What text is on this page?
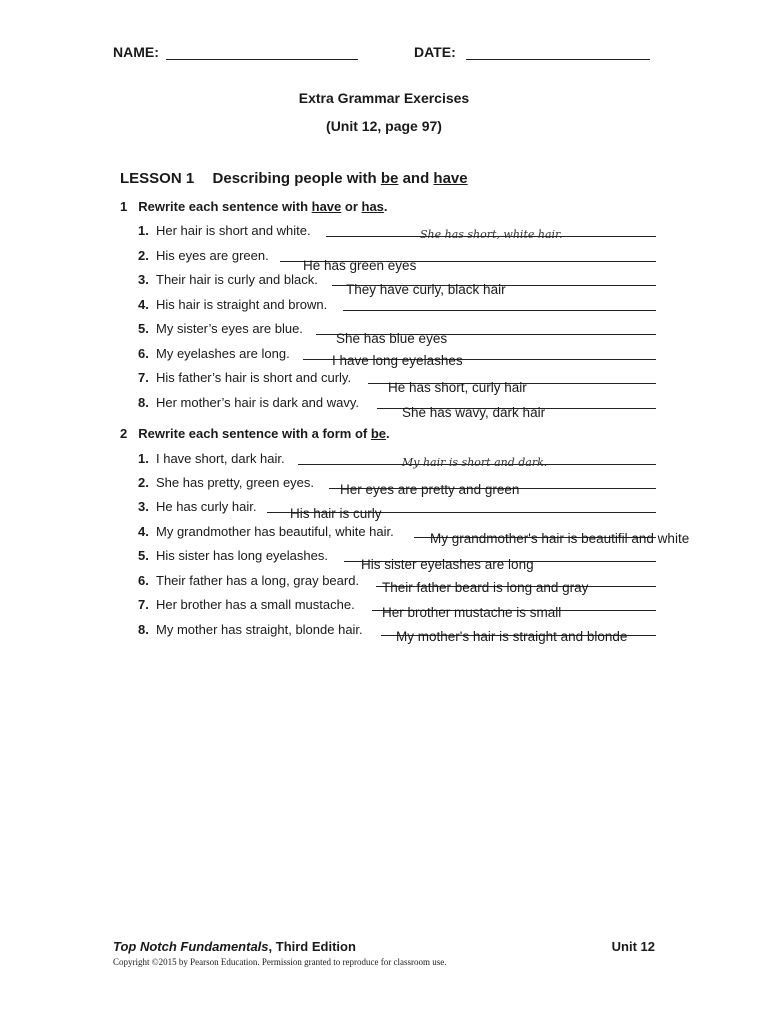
NAME:	DATE:
Extra Grammar Exercises
(Unit 12, page 97)
LESSON 1 Describing people with be and have
1 Rewrite each sentence with have or has.
1. Her hair is short and white.	She has short, white hair.
2. His eyes are green.
He has green eyes
3. Their hair is curly and black.
They have curly, black hair
4. His hair is straight and brown.
5. My sister’s eyes are blue.
She has blue eyes
6. My eyelashes are long.	I have long eyelashes
7. His father’s hair is short and curly.
He has short, curly hair
8. Her mother’s hair is dark and wavy.
She has wavy, dark hair
2 Rewrite each sentence with a form of be.
1. I have short, dark hair.	My hair is short and dark.
2. She has pretty, green eyes. Her eyes are pretty and green
3. He has curly hair. His hair is curly
4. My grandmother has beautiful, white hair.	My grandmother's hair is beautifil and white
5. His sister has long eyelashes.
His sister eyelashes are long
6. Their father has a long, gray beard. Their father beard is long and gray
7. Her brother has a small mustache.
Her brother mustache is small
8. My mother has straight, blonde hair. My mother's hair is straight and blonde
Top Notch Fundamentals, Third Edition	Unit 12
Copyright ©2015 by Pearson Education. Permission granted to reproduce for classroom use.
